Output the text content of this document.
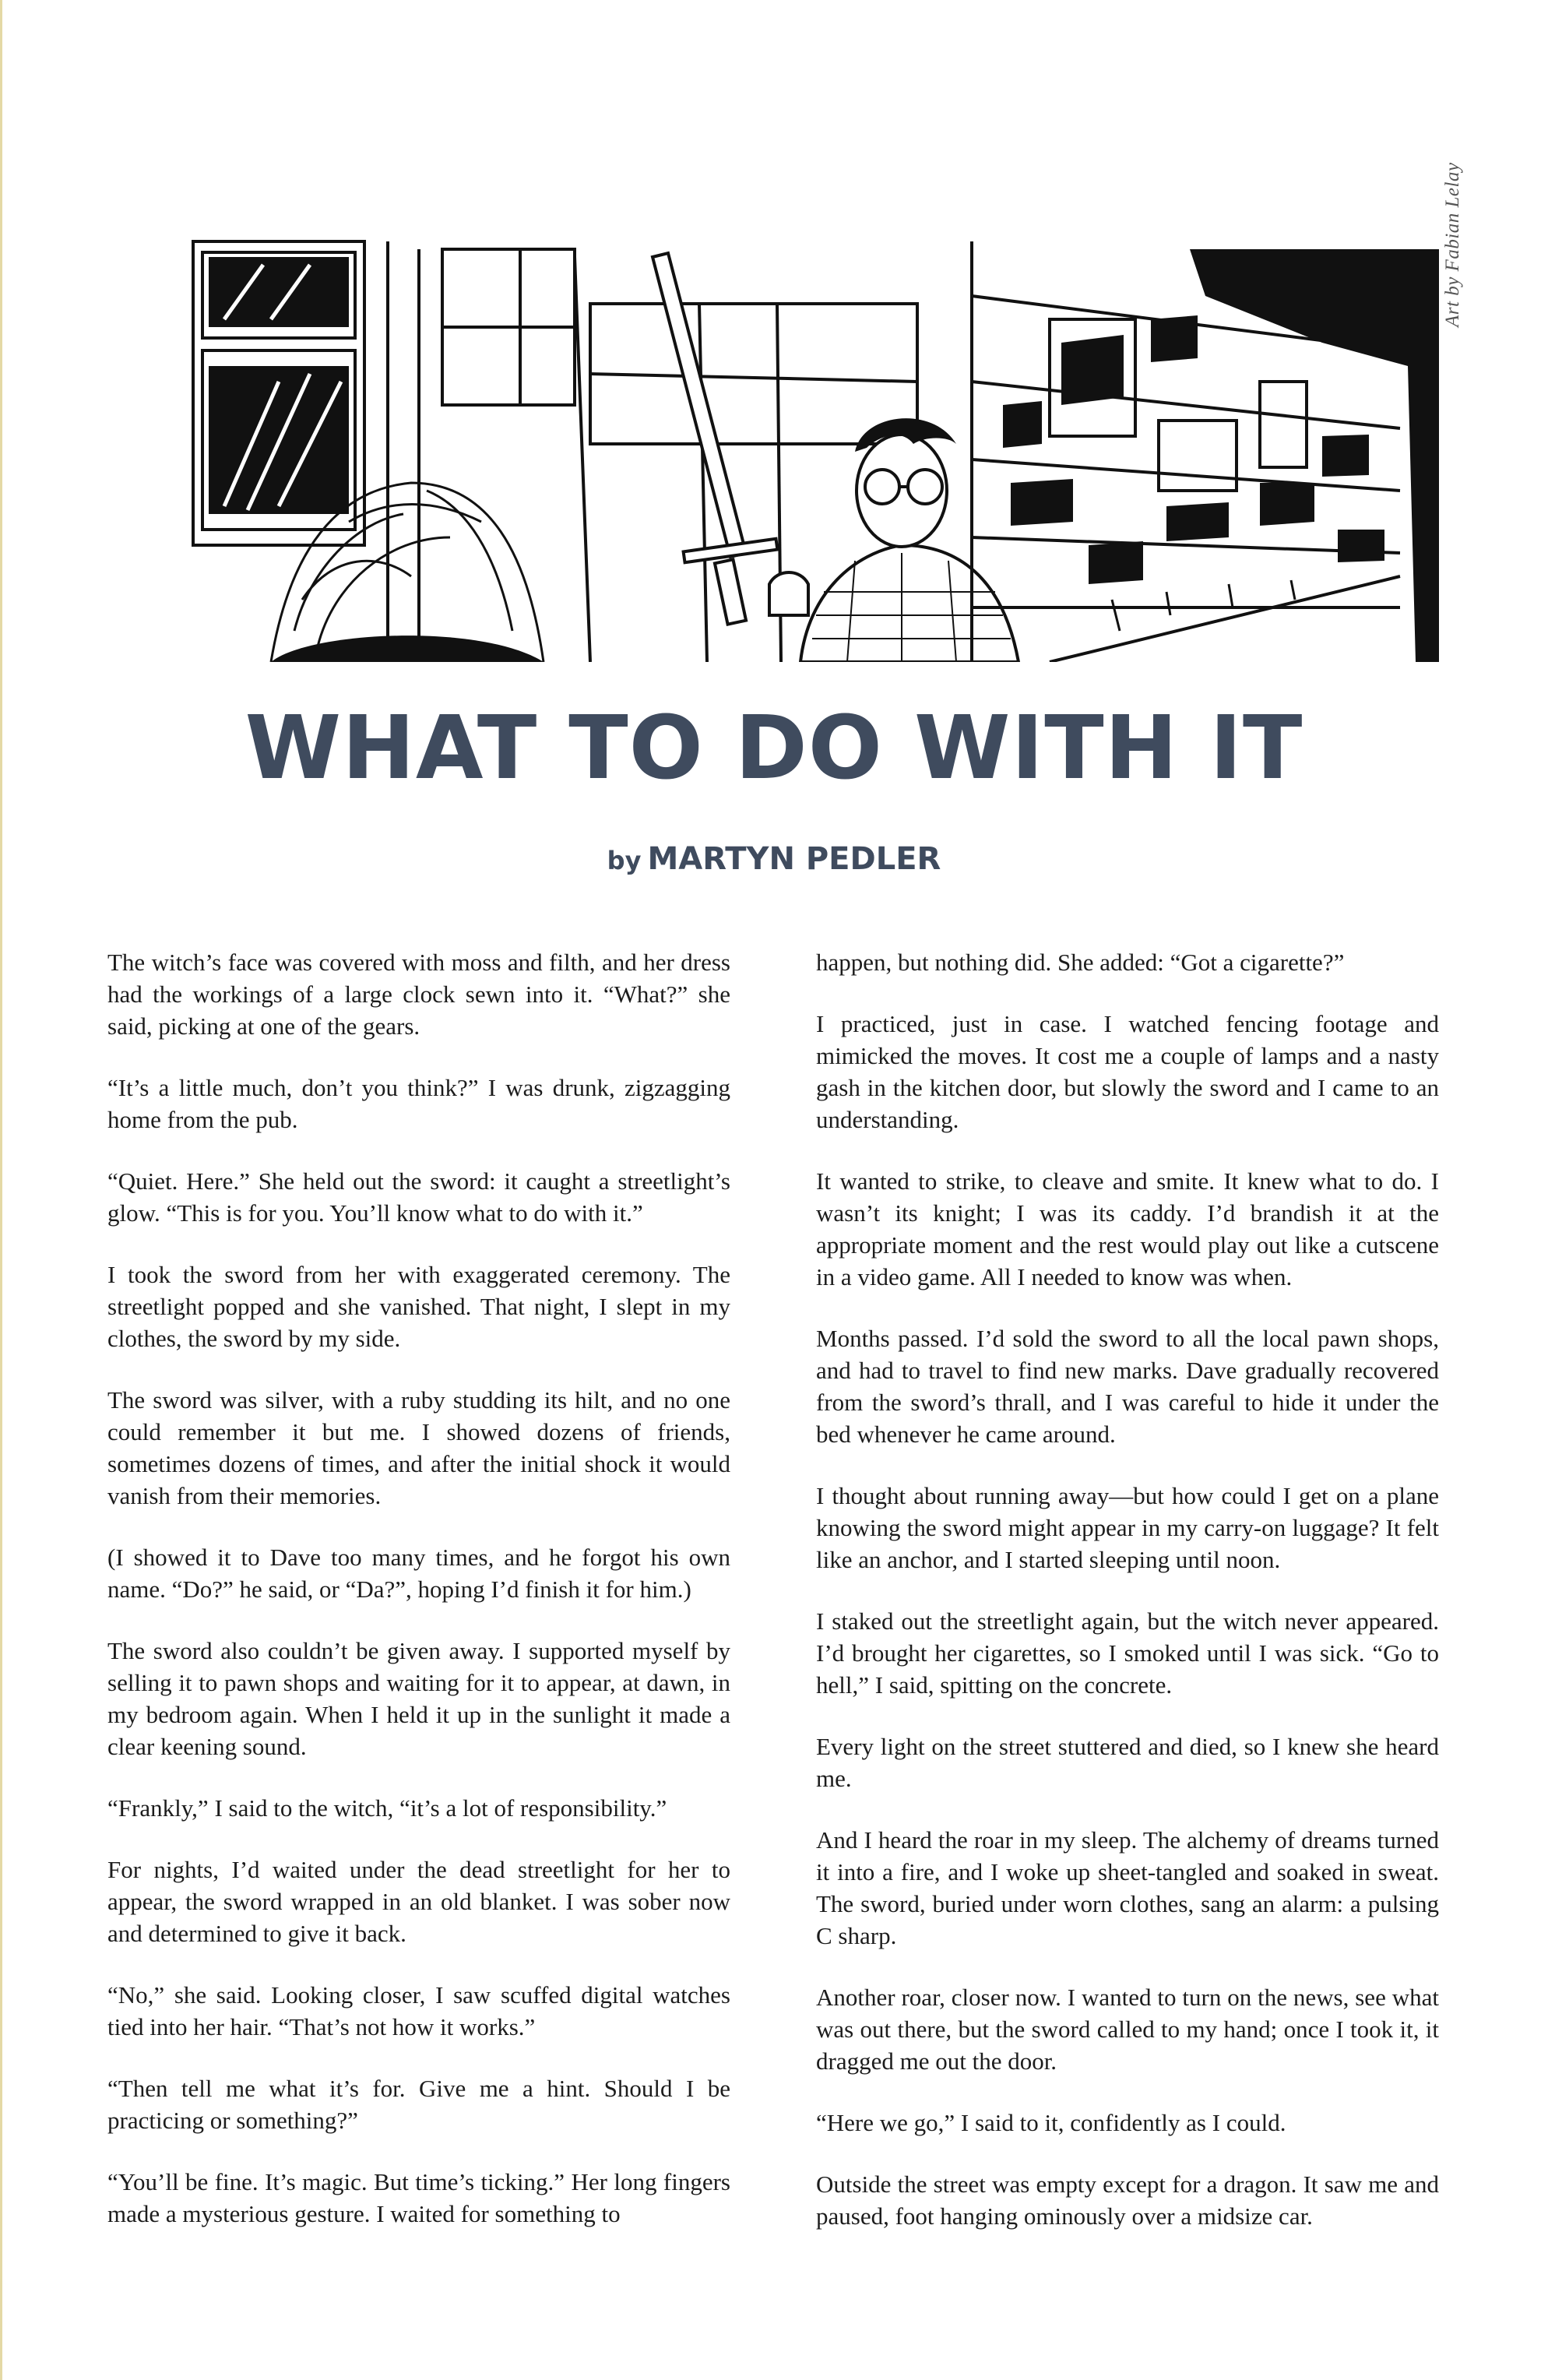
Art by Fabian Lelay
WHAT TO DO WITH IT
by MARTYN PEDLER

The witch’s face was covered with moss and filth, and her dress had the workings of a large clock sewn into it. “What?” she said, picking at one of the gears.

“It’s a little much, don’t you think?” I was drunk, zigzagging home from the pub.

“Quiet. Here.” She held out the sword: it caught a streetlight’s glow. “This is for you. You’ll know what to do with it.”

I took the sword from her with exaggerated ceremony. The streetlight popped and she vanished. That night, I slept in my clothes, the sword by my side.

The sword was silver, with a ruby studding its hilt, and no one could remember it but me. I showed dozens of friends, sometimes dozens of times, and after the initial shock it would vanish from their memories.

(I showed it to Dave too many times, and he forgot his own name. “Do?” he said, or “Da?”, hoping I’d finish it for him.)

The sword also couldn’t be given away. I supported myself by selling it to pawn shops and waiting for it to appear, at dawn, in my bedroom again. When I held it up in the sunlight it made a clear keening sound.

“Frankly,” I said to the witch, “it’s a lot of responsibility.”

For nights, I’d waited under the dead streetlight for her to appear, the sword wrapped in an old blanket. I was sober now and determined to give it back.

“No,” she said. Looking closer, I saw scuffed digital watches tied into her hair. “That’s not how it works.”

“Then tell me what it’s for. Give me a hint. Should I be practicing or something?”

“You’ll be fine. It’s magic. But time’s ticking.” Her long fingers made a mysterious gesture. I waited for something to

happen, but nothing did. She added: “Got a cigarette?”

I practiced, just in case. I watched fencing footage and mimicked the moves. It cost me a couple of lamps and a nasty gash in the kitchen door, but slowly the sword and I came to an understanding.

It wanted to strike, to cleave and smite. It knew what to do. I wasn’t its knight; I was its caddy. I’d brandish it at the appropriate moment and the rest would play out like a cutscene in a video game. All I needed to know was when.

Months passed. I’d sold the sword to all the local pawn shops, and had to travel to find new marks. Dave gradually recovered from the sword’s thrall, and I was careful to hide it under the bed whenever he came around.

I thought about running away—but how could I get on a plane knowing the sword might appear in my carry-on luggage? It felt like an anchor, and I started sleeping until noon.

I staked out the streetlight again, but the witch never appeared. I’d brought her cigarettes, so I smoked until I was sick. “Go to hell,” I said, spitting on the concrete.

Every light on the street stuttered and died, so I knew she heard me.

And I heard the roar in my sleep. The alchemy of dreams turned it into a fire, and I woke up sheet-tangled and soaked in sweat. The sword, buried under worn clothes, sang an alarm: a pulsing C sharp.

Another roar, closer now. I wanted to turn on the news, see what was out there, but the sword called to my hand; once I took it, it dragged me out the door.

“Here we go,” I said to it, confidently as I could.

Outside the street was empty except for a dragon. It saw me and paused, foot hanging ominously over a midsize car.
